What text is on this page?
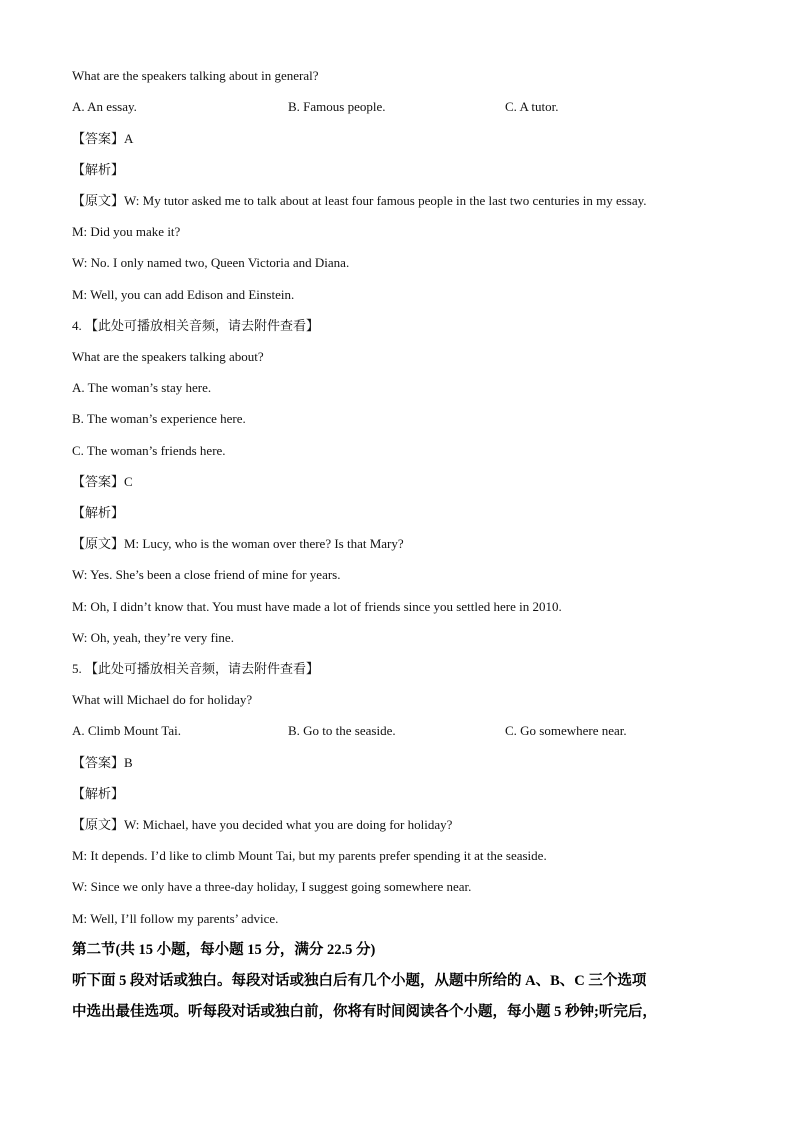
What are the speakers talking about in general?

A. An essay.	B. Famous people.	C. A tutor.

【答案】A

【解析】

【原文】W: My tutor asked me to talk about at least four famous people in the last two centuries in my essay.

M: Did you make it?

W: No. I only named two, Queen Victoria and Diana.

M: Well, you can add Edison and Einstein.

4. 【此处可播放相关音频，请去附件查看】

What are the speakers talking about?

A. The woman’s stay here.

B. The woman’s experience here.

C. The woman’s friends here.

【答案】C

【解析】

【原文】M: Lucy, who is the woman over there? Is that Mary?

W: Yes. She’s been a close friend of mine for years.

M: Oh, I didn’t know that. You must have made a lot of friends since you settled here in 2010.

W: Oh, yeah, they’re very fine.

5. 【此处可播放相关音频，请去附件查看】

What will Michael do for holiday?

A. Climb Mount Tai.	B. Go to the seaside.	C. Go somewhere near.

【答案】B

【解析】

【原文】W: Michael, have you decided what you are doing for holiday?

M: It depends. I’d like to climb Mount Tai, but my parents prefer spending it at the seaside.

W: Since we only have a three-day holiday, I suggest going somewhere near.

M: Well, I’ll follow my parents’ advice.

第二节(共 15 小题，每小题 15 分，满分 22.5 分)

听下面 5 段对话或独白。每段对话或独白后有几个小题，从题中所给的 A、B、C 三个选项

中选出最佳选项。听每段对话或独白前，你将有时间阅读各个小题，每小题 5 秒钟;听完后，
